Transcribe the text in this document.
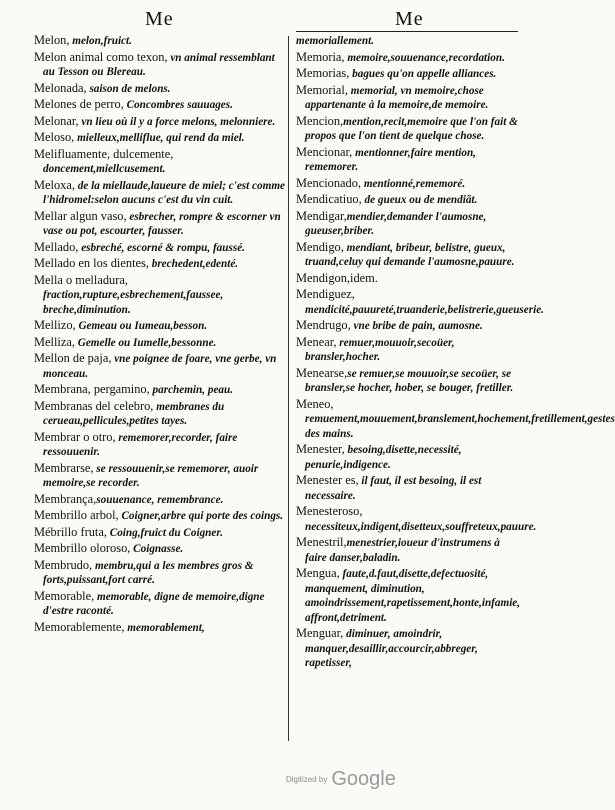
Me	Me
Melon, melon,fruict.
Melon animal como texon, vn animal ressemblant au Tesson ou Blereau.
Melonada, saison de melons.
Melones de perro, Concombres sauuages.
Melonar, vn lieu où il y a force melons, melonniere.
Meloso, mielleux,melliflue, qui rend da miel.
Melifluamente, dulcemente, doncement,miellcusement.
Meloxa, de la miellaude,laueure de miel; c'est comme l'hidromel:selon aucuns c'est du vin cuit.
Mellar algun vaso, esbrecher, rompre & escorner vn vase ou pot, escourter, fausser.
Mellado, esbreché, escorné & rompu, faussé.
Mellado en los dientes, brechedent,edenté.
Mella o melladura, fraction,rupture,esbrechement,faussee, breche,diminution.
Mellizo, Gemeau ou Iumeau,besson.
Melliza, Gemelle ou Iumelle,bessonne.
Mellon de paja, vne poignee de foare, vne gerbe, vn monceau.
Membrana, pergamino, parchemin, peau.
Membranas del celebro, membranes du cerueau,pellicules,petites tayes.
Membrar o otro, rememorer,recorder, faire ressouuenir.
Membrarse, se ressouuenir,se rememorer, auoir memoire,se recorder.
Membrança,souuenance, remembrance.
Membrillo arbol, Coigner,arbre qui porte des coings.
Mébrillo fruta, Coing,fruict du Coigner.
Membrillo oloroso, Coignasse.
Membrudo, membru,qui a les membres gros & forts,puissant,fort carré.
Memorable, memorable, digne de memoire,digne d'estre raconté.
Memorablemente, memorablement,
memoriallement.
Memoria, memoire,souuenance,recordation.
Memorias, bagues qu'on appelle alliances.
Memorial, memorial, vn memoire,chose appartenante à la memoire,de memoire.
Mencion,mention,recit,memoire que l'on fait & propos que l'on tient de quelque chose.
Mencionar, mentionner,faire mention, rememorer.
Mencionado, mentionné,rememoré.
Mendicatiuo, de gueux ou de mendiãt.
Mendigar,mendier,demander l'aumosne, gueuser,briber.
Mendigo, mendiant, bribeur, belistre, gueux, truand,celuy qui demande l'aumosne,pauure.
Mendigon,idem.
Mendiguez, mendicité,pauureté,truanderie,belistrerie,gueuserie.
Mendrugo, vne bribe de pain, aumosne.
Menear, remuer,mouuoir,secoüer, bransler,hocher.
Menearse,se remuer,se mouuoir,se secoüer, se bransler,se hocher, hober, se bouger, fretiller.
Meneo, remuement,mouuement,branslement,hochement,fretillement,gestes des mains.
Menester, besoing,disette,necessité, penurie,indigence.
Menester es, il faut, il est besoing, il est necessaire.
Menesteroso, necessiteux,indigent,disetteux,souffreteux,pauure.
Menestril,menestrier,ioueur d'instrumens à faire danser,baladin.
Mengua, faute,d.faut,disette,defectuosité, manquement, diminution, amoindrissement,rapetissement,honte,infamie, affront,detriment.
Menguar, diminuer, amoindrir, manquer,desaillir,accourcir,abbreger, rapetisser,
Digitized by Google
